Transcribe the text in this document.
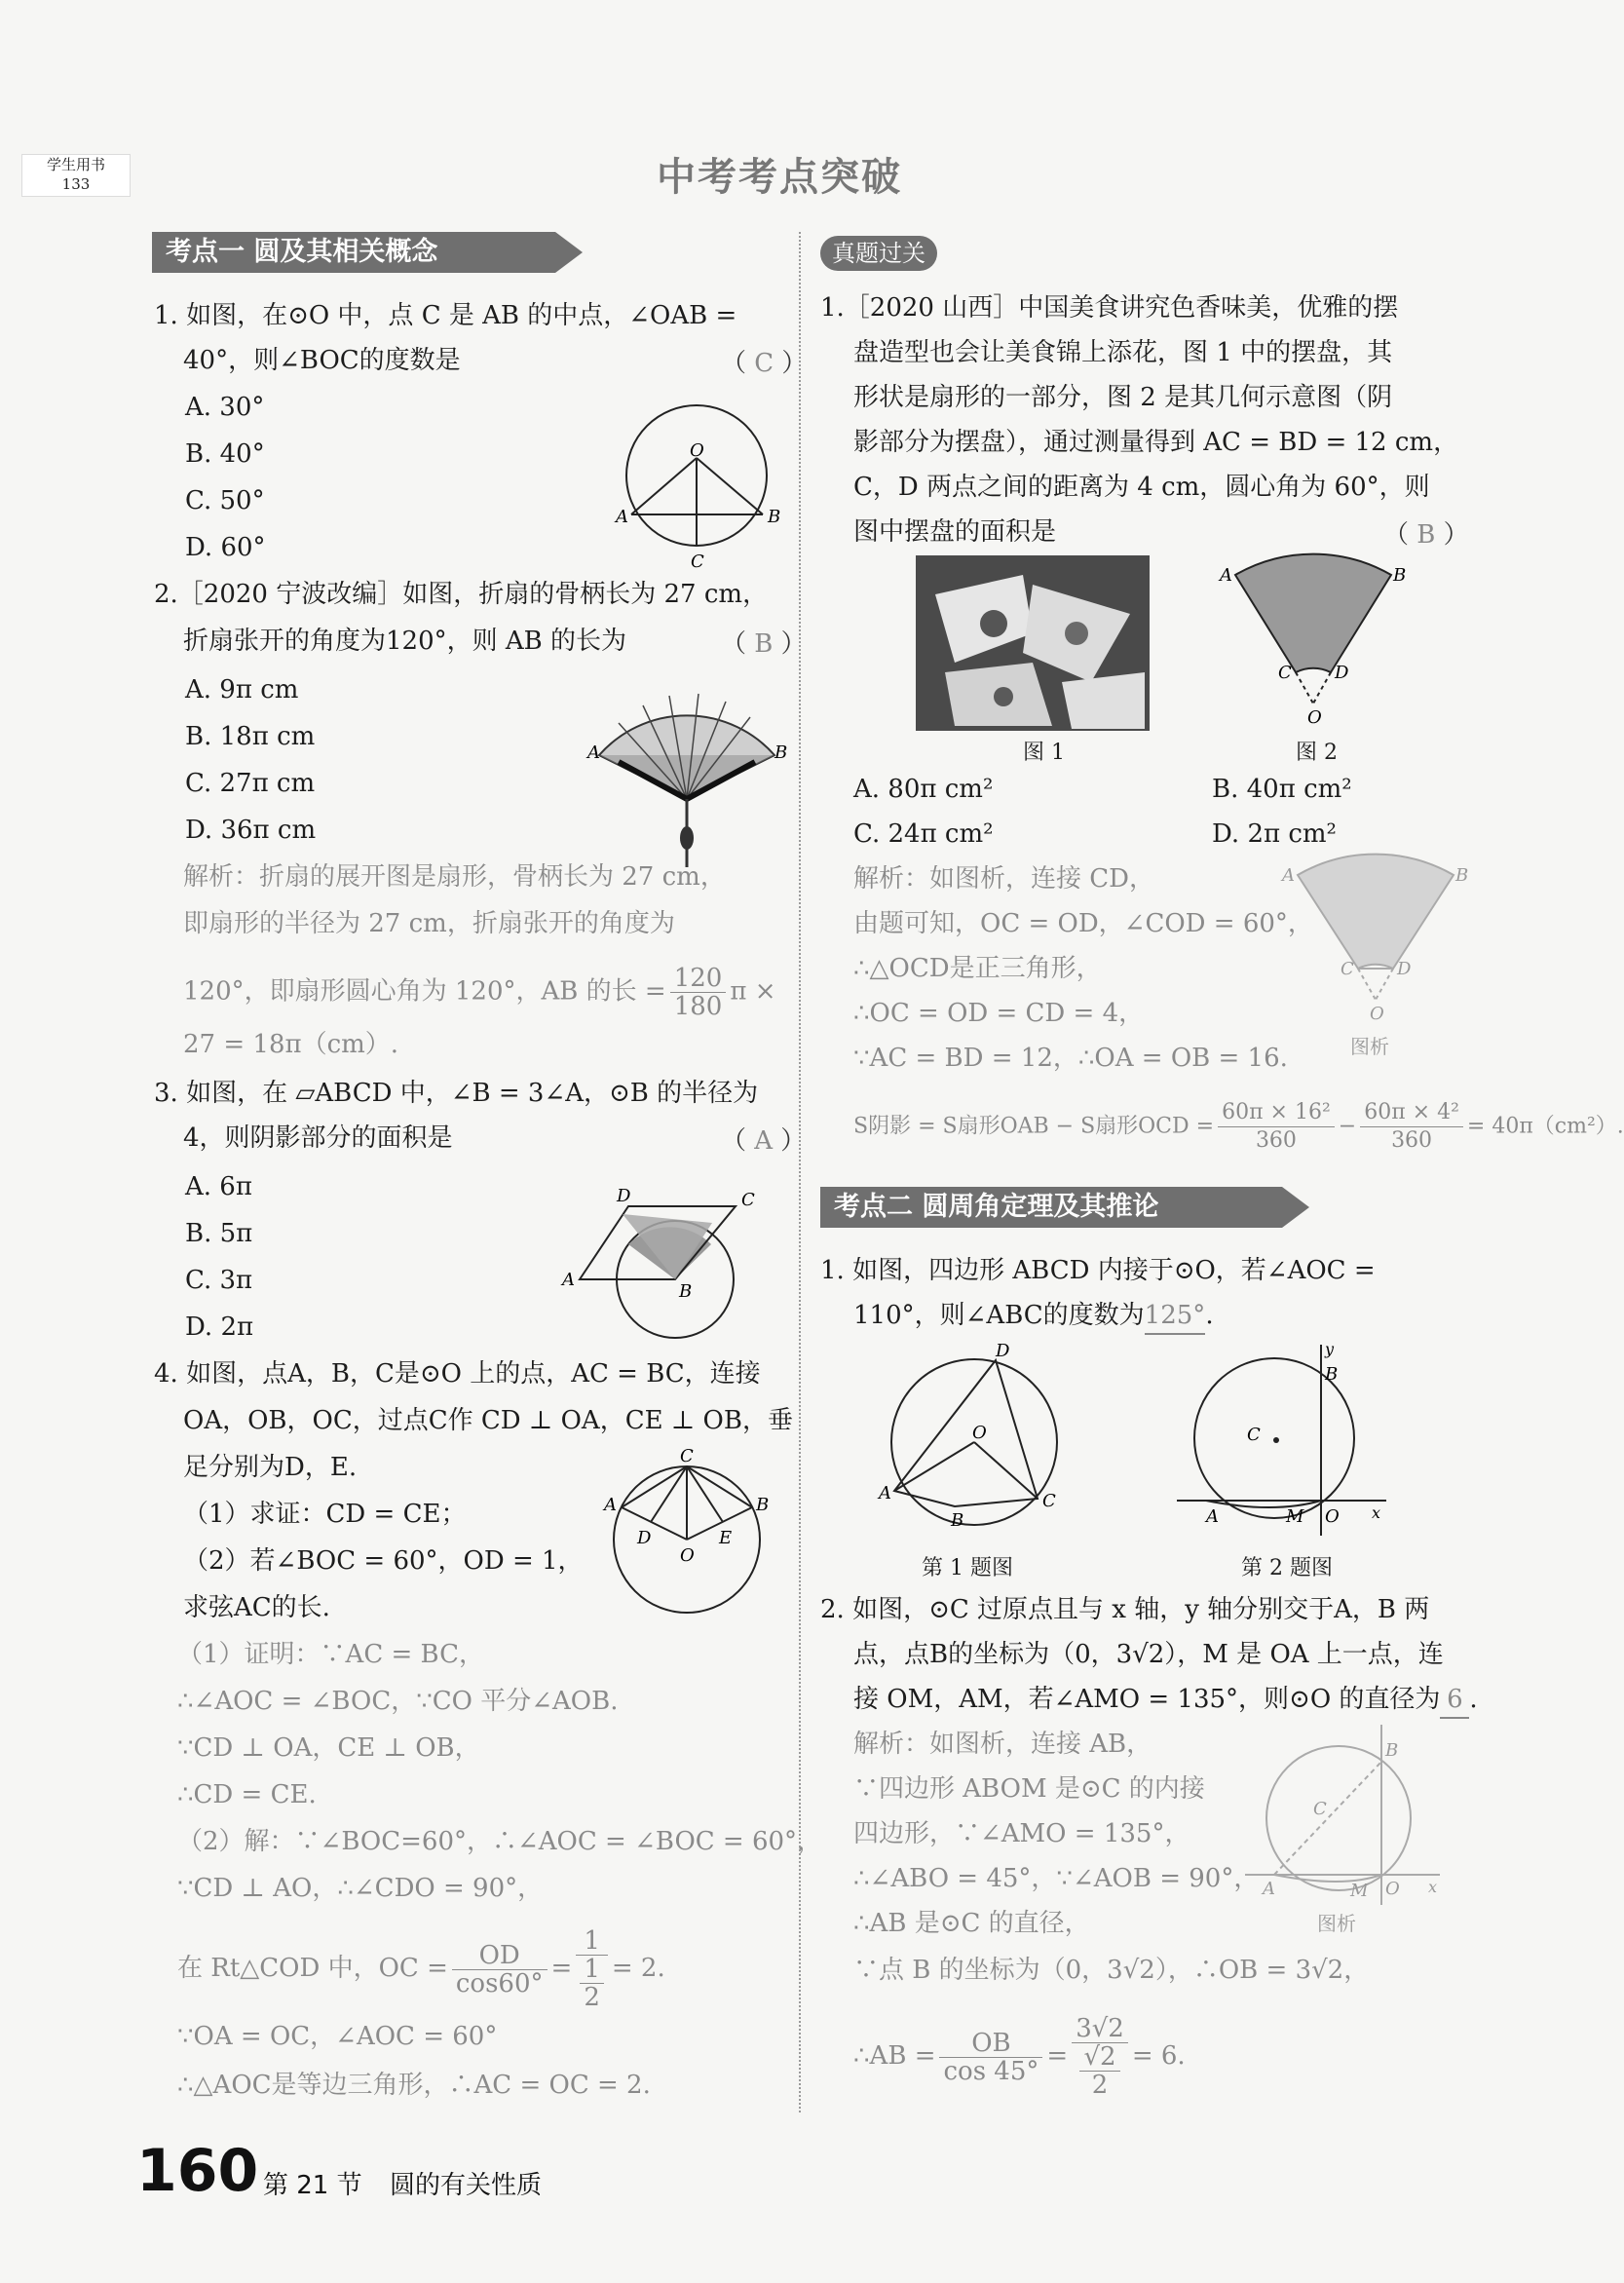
学生用书
133	中考考点突破
考点一 圆及其相关概念
1. 如图，在⊙O 中，点 C 是 AB 的中点，∠OAB =
40°，则∠BOC的度数是	（ C ）
A. 30°
B. 40°
C. 50°
D. 60°
O
A	B
C
2.［2020 宁波改编］如图，折扇的骨柄长为 27 cm，
折扇张开的角度为120°，则 AB 的长为	（ B ）
A. 9π cm
B. 18π cm
C. 27π cm
D. 36π cm
A	B
解析：折扇的展开图是扇形，骨柄长为 27 cm，
即扇形的半径为 27 cm，折扇张开的角度为
120°，即扇形圆心角为 120°，AB 的长 = $\frac{120}{180}$ π ×
27 = 18π（cm）.
3. 如图，在 ▱ABCD 中，∠B = 3∠A，⊙B 的半径为
4，则阴影部分的面积是	（ A ）
A. 6π
B. 5π
C. 3π
D. 2π
A
B
C
D
4. 如图，点A，B，C是⊙O 上的点，AC = BC，连接
OA，OB，OC，过点C作 CD ⊥ OA，CE ⊥ OB，垂
足分别为D，E.
（1）求证：CD = CE；
（2）若∠BOC = 60°，OD = 1，
求弦AC的长.
C
A	B
D	E
O
（1）证明：∵AC = BC，
∴∠AOC = ∠BOC，∵CO 平分∠AOB.
∵CD ⊥ OA，CE ⊥ OB，
∴CD = CE.
（2）解：∵∠BOC=60°，∴∠AOC = ∠BOC = 60°，
∵CD ⊥ AO，∴∠CDO = 90°，
在 Rt△COD 中，OC = $\frac{OD}{\cos 60^\circ} = \frac{1}{\frac{1}{2}} = 2$.
∵OA = OC，∠AOC = 60°
∴△AOC是等边三角形，∴AC = OC = 2.
真题过关
1.［2020 山西］中国美食讲究色香味美，优雅的摆
盘造型也会让美食锦上添花，图 1 中的摆盘，其
形状是扇形的一部分，图 2 是其几何示意图（阴
影部分为摆盘），通过测量得到 AC = BD = 12 cm，
C，D 两点之间的距离为 4 cm，圆心角为 60°，则
图中摆盘的面积是	（ B ）
图 1
A	B
C D
O
图 2
A. 80π cm²	B. 40π cm²
C. 24π cm²	D. 2π cm²
解析：如图析，连接 CD，
由题可知，OC = OD，∠COD = 60°，
∴△OCD是正三角形，
∴OC = OD = CD = 4，
∵AC = BD = 12，∴OA = OB = 16.
S阴影 = S扇形OAB − S扇形OCD = $\frac{\text{60π × 16²}}{360} - \frac{\text{60π × 4²}}{360} = 40\pi(cm^2)$.
A	B
C D
O
图析
考点二 圆周角定理及其推论
1. 如图，四边形 ABCD 内接于⊙O，若∠AOC =
110°，则∠ABC的度数为125°.
D
O
A	C
B
第 1 题图
y
B
C
A	M O x
第 2 题图
2. 如图，⊙C 过原点且与 x 轴，y 轴分别交于A，B 两
点，点B的坐标为（0，3√2），M 是 OA 上一点，连
接 OM，AM，若∠AMO = 135°，则⊙O 的直径为 6 .
解析：如图析，连接 AB，
∵四边形 ABOM 是⊙C 的内接
四边形，∵∠AMO = 135°，
∴∠ABO = 45°，∵∠AOB = 90°，
∴AB 是⊙C 的直径，
∵点 B 的坐标为（0，3√2），∴OB = 3√2，
∴AB = $\frac{OB}{\cos 45^\circ} = \frac{3√2}{\frac{√2}{2}} = 6$.
B
C
A	M O x
图析
160 第 21 节 圆的有关性质
